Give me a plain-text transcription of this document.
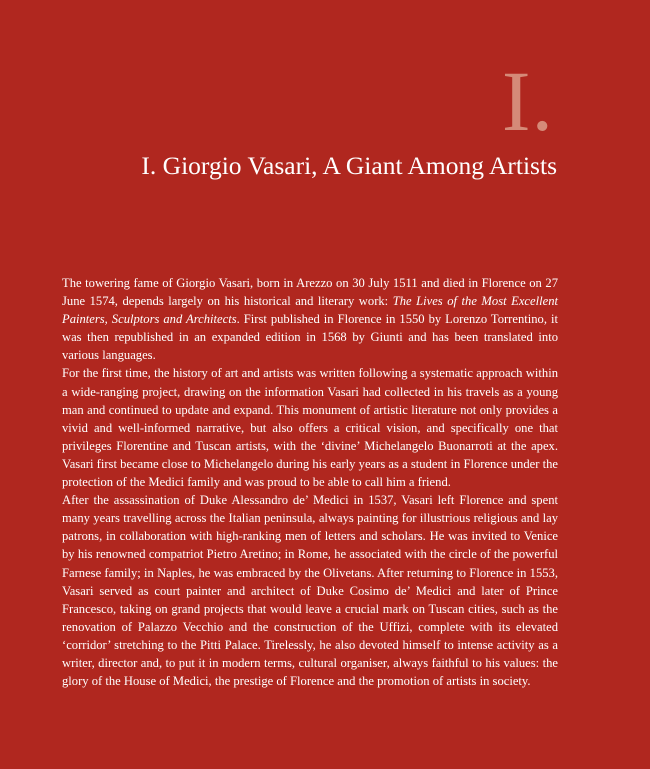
I.
I. Giorgio Vasari, A Giant Among Artists

The towering fame of Giorgio Vasari, born in Arezzo on 30 July 1511 and died in Florence on 27 June 1574, depends largely on his historical and literary work: The Lives of the Most Excellent Painters, Sculptors and Architects. First published in Florence in 1550 by Lorenzo Torrentino, it was then republished in an expanded edition in 1568 by Giunti and has been translated into various languages.

For the first time, the history of art and artists was written following a systematic approach within a wide-ranging project, drawing on the information Vasari had collected in his travels as a young man and continued to update and expand. This monument of artistic literature not only provides a vivid and well-informed narrative, but also offers a critical vision, and specifically one that privileges Florentine and Tuscan artists, with the ‘divine’ Michelangelo Buonarroti at the apex. Vasari first became close to Michelangelo during his early years as a student in Florence under the protection of the Medici family and was proud to be able to call him a friend.

After the assassination of Duke Alessandro de’ Medici in 1537, Vasari left Florence and spent many years travelling across the Italian peninsula, always painting for illustrious religious and lay patrons, in collaboration with high-ranking men of letters and scholars. He was invited to Venice by his renowned compatriot Pietro Aretino; in Rome, he associated with the circle of the powerful Farnese family; in Naples, he was embraced by the Olivetans. After returning to Florence in 1553, Vasari served as court painter and architect of Duke Cosimo de’ Medici and later of Prince Francesco, taking on grand projects that would leave a crucial mark on Tuscan cities, such as the renovation of Palazzo Vecchio and the construction of the Uffizi, complete with its elevated ‘corridor’ stretching to the Pitti Palace. Tirelessly, he also devoted himself to intense activity as a writer, director and, to put it in modern terms, cultural organiser, always faithful to his values: the glory of the House of Medici, the prestige of Florence and the promotion of artists in society.
